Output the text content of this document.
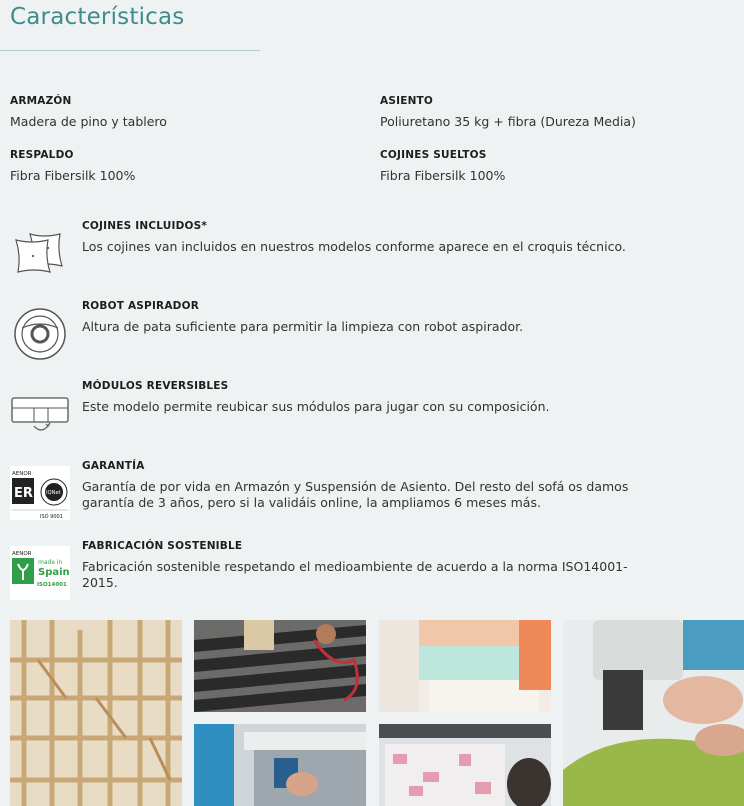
Características
ARMAZÓN
Madera de pino y tablero
ASIENTO
Poliuretano 35 kg + fibra (Dureza Media)
RESPALDO
Fibra Fibersilk 100%
COJINES SUELTOS
Fibra Fibersilk 100%
COJINES INCLUIDOS*
Los cojines van incluidos en nuestros modelos conforme aparece en el croquis técnico.
ROBOT ASPIRADOR
Altura de pata suficiente para permitir la limpieza con robot aspirador.
MÓDULOS REVERSIBLES
Este modelo permite reubicar sus módulos para jugar con su composición.
AENOR
ER	IQNet
ISO 9001
GARANTÍA
Garantía de por vida en Armazón y Suspensión de Asiento. Del resto del sofá os damos garantía de 3 años, pero si la validáis online, la ampliamos 6 meses más.
AENOR
made in
Spain
ISO14001
FABRICACIÓN SOSTENIBLE
Fabricación sostenible respetando el medioambiente de acuerdo a la norma ISO14001-2015.
